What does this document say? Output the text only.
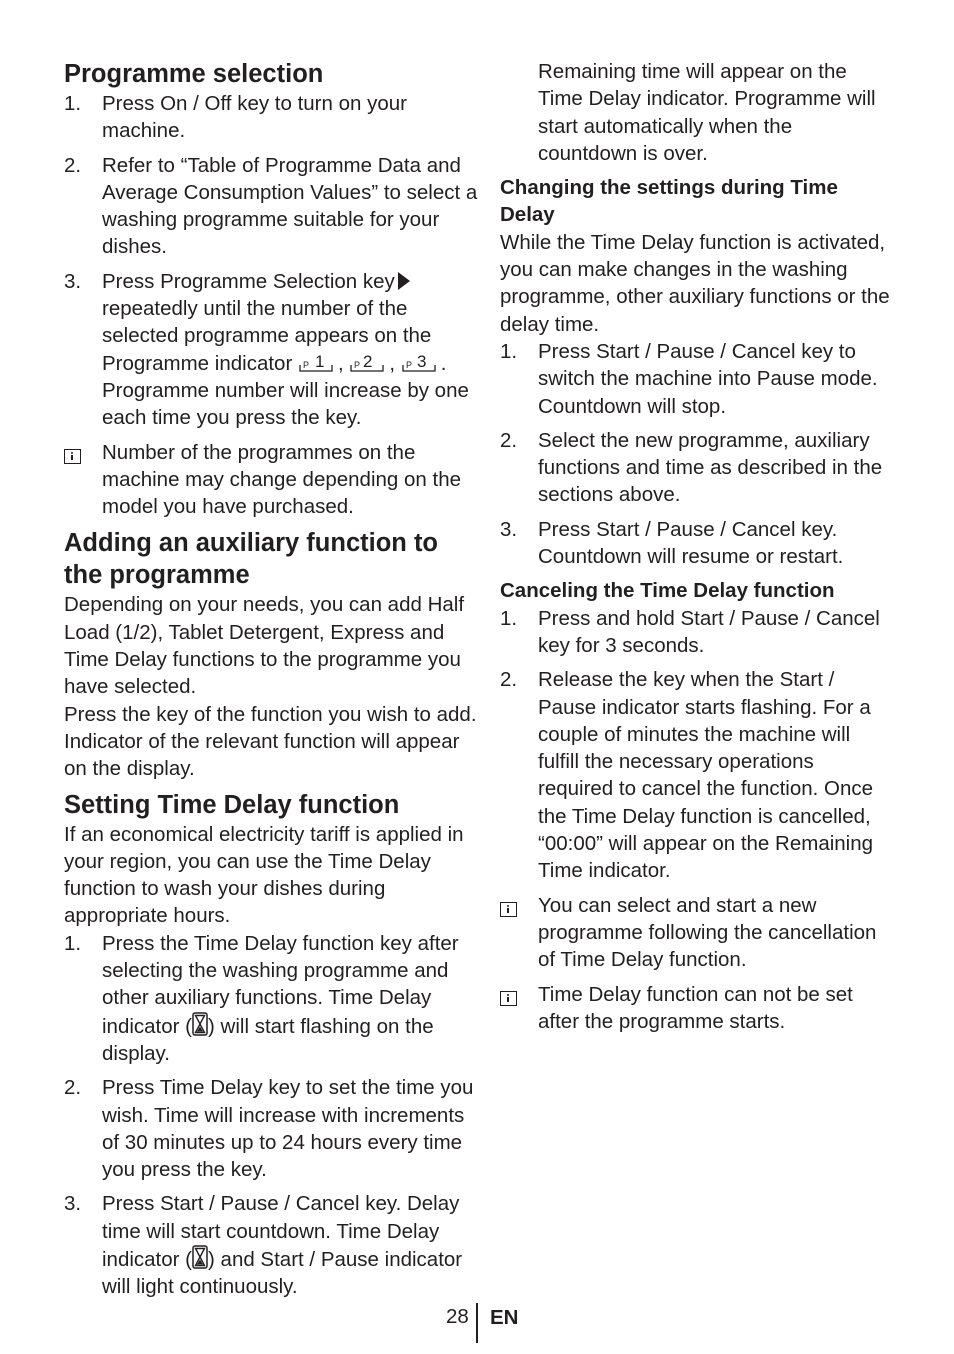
Programme selection
1.	Press On / Off key to turn on your machine.
2.	Refer to “Table of Programme Data and Average Consumption Values” to select a washing programme suitable for your dishes.
3.	Press Programme Selection key repeatedly until the number of the selected programme appears on the Programme indicator P 1 , P 2 , P 3 . Programme number will increase by one each time you press the key.
Number of the programmes on the machine may change depending on the model you have purchased.
Adding an auxiliary function to the programme

Depending on your needs, you can add Half Load (1/2), Tablet Detergent, Express and Time Delay functions to the programme you have selected.

Press the key of the function you wish to add. Indicator of the relevant function will appear on the display.

Setting Time Delay function

If an economical electricity tariff is applied in your region, you can use the Time Delay function to wash your dishes during appropriate hours.

1.	Press the Time Delay function key after selecting the washing programme and other auxiliary functions. Time Delay indicator ( ) will start flashing on the display.
2.	Press Time Delay key to set the time you wish. Time will increase with increments of 30 minutes up to 24 hours every time you press the key.
3.	Press Start / Pause / Cancel key. Delay time will start countdown. Time Delay indicator ( ) and Start / Pause indicator will light continuously.

Remaining time will appear on the Time Delay indicator. Programme will start automatically when the countdown is over.

Changing the settings during Time Delay

While the Time Delay function is activated, you can make changes in the washing programme, other auxiliary functions or the delay time.

1.	Press Start / Pause / Cancel key to switch the machine into Pause mode. Countdown will stop.
2.	Select the new programme, auxiliary functions and time as described in the sections above.
3.	Press Start / Pause / Cancel key. Countdown will resume or restart.
Canceling the Time Delay function
1.	Press and hold Start / Pause / Cancel key for 3 seconds.
2.	Release the key when the Start / Pause indicator starts flashing. For a couple of minutes the machine will fulfill the necessary operations required to cancel the function. Once the Time Delay function is cancelled, “00:00” will appear on the Remaining Time indicator.
You can select and start a new programme following the cancellation of Time Delay function.
Time Delay function can not be set after the programme starts.
28 EN
